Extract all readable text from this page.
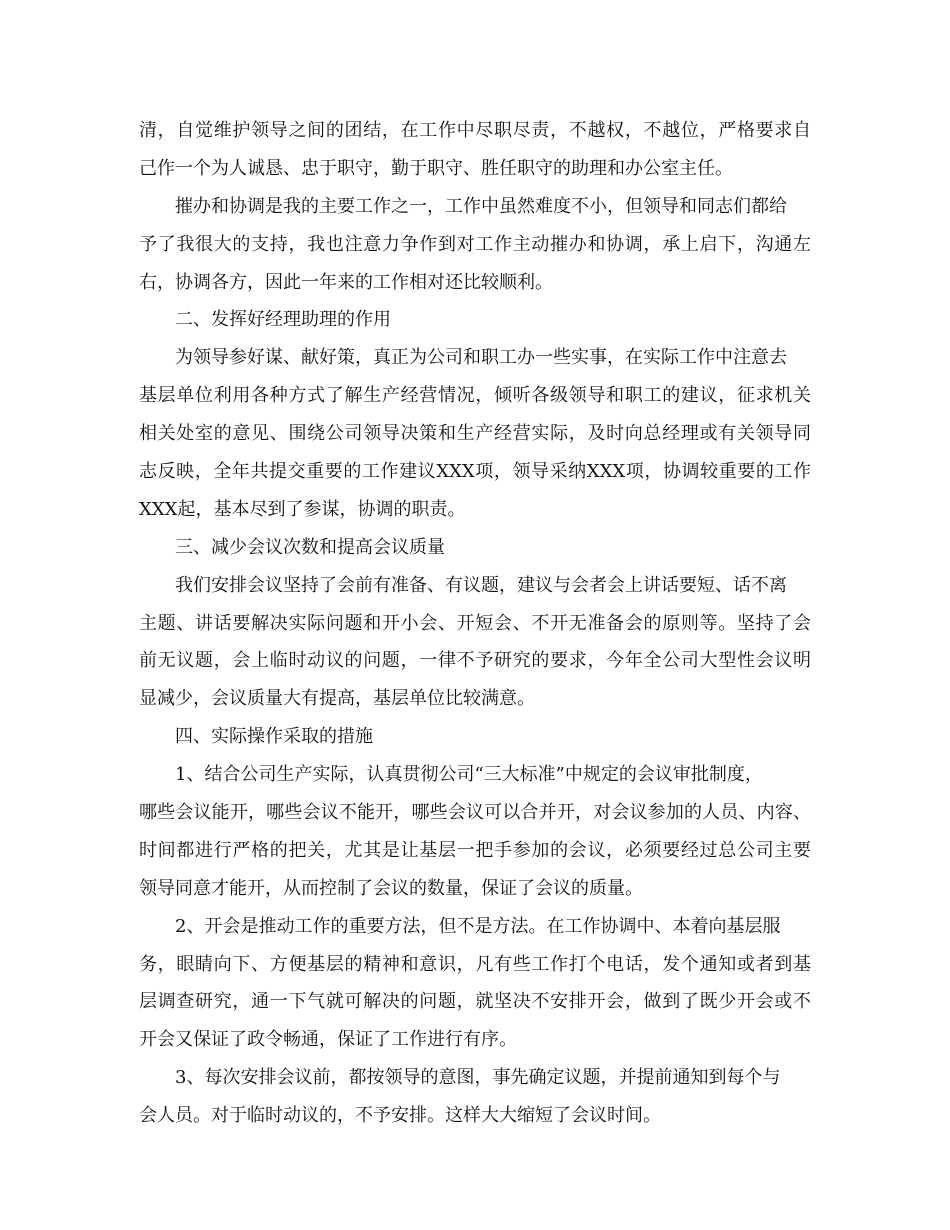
清，自觉维护领导之间的团结，在工作中尽职尽责，不越权，不越位，严格要求自
己作一个为人诚恳、忠于职守，勤于职守、胜任职守的助理和办公室主任。
摧办和协调是我的主要工作之一，工作中虽然难度不小，但领导和同志们都给
予了我很大的支持，我也注意力争作到对工作主动摧办和协调，承上启下，沟通左
右，协调各方，因此一年来的工作相对还比较顺利。
二、发挥好经理助理的作用
为领导参好谋、献好策，真正为公司和职工办一些实事，在实际工作中注意去
基层单位利用各种方式了解生产经营情况，倾听各级领导和职工的建议，征求机关
相关处室的意见、围绕公司领导决策和生产经营实际，及时向总经理或有关领导同
志反映，全年共提交重要的工作建议XXX项，领导采纳XXX项，协调较重要的工作
XXX起，基本尽到了参谋，协调的职责。
三、减少会议次数和提高会议质量
我们安排会议坚持了会前有准备、有议题，建议与会者会上讲话要短、话不离
主题、讲话要解决实际问题和开小会、开短会、不开无准备会的原则等。坚持了会
前无议题，会上临时动议的问题，一律不予研究的要求，今年全公司大型性会议明
显减少，会议质量大有提高，基层单位比较满意。
四、实际操作采取的措施
1、结合公司生产实际，认真贯彻公司“三大标准”中规定的会议审批制度，
哪些会议能开，哪些会议不能开，哪些会议可以合并开，对会议参加的人员、内容、
时间都进行严格的把关，尤其是让基层一把手参加的会议，必须要经过总公司主要
领导同意才能开，从而控制了会议的数量，保证了会议的质量。
2、开会是推动工作的重要方法，但不是方法。在工作协调中、本着向基层服
务，眼睛向下、方便基层的精神和意识，凡有些工作打个电话，发个通知或者到基
层调查研究，通一下气就可解决的问题，就坚决不安排开会，做到了既少开会或不
开会又保证了政令畅通，保证了工作进行有序。
3、每次安排会议前，都按领导的意图，事先确定议题，并提前通知到每个与
会人员。对于临时动议的，不予安排。这样大大缩短了会议时间。
